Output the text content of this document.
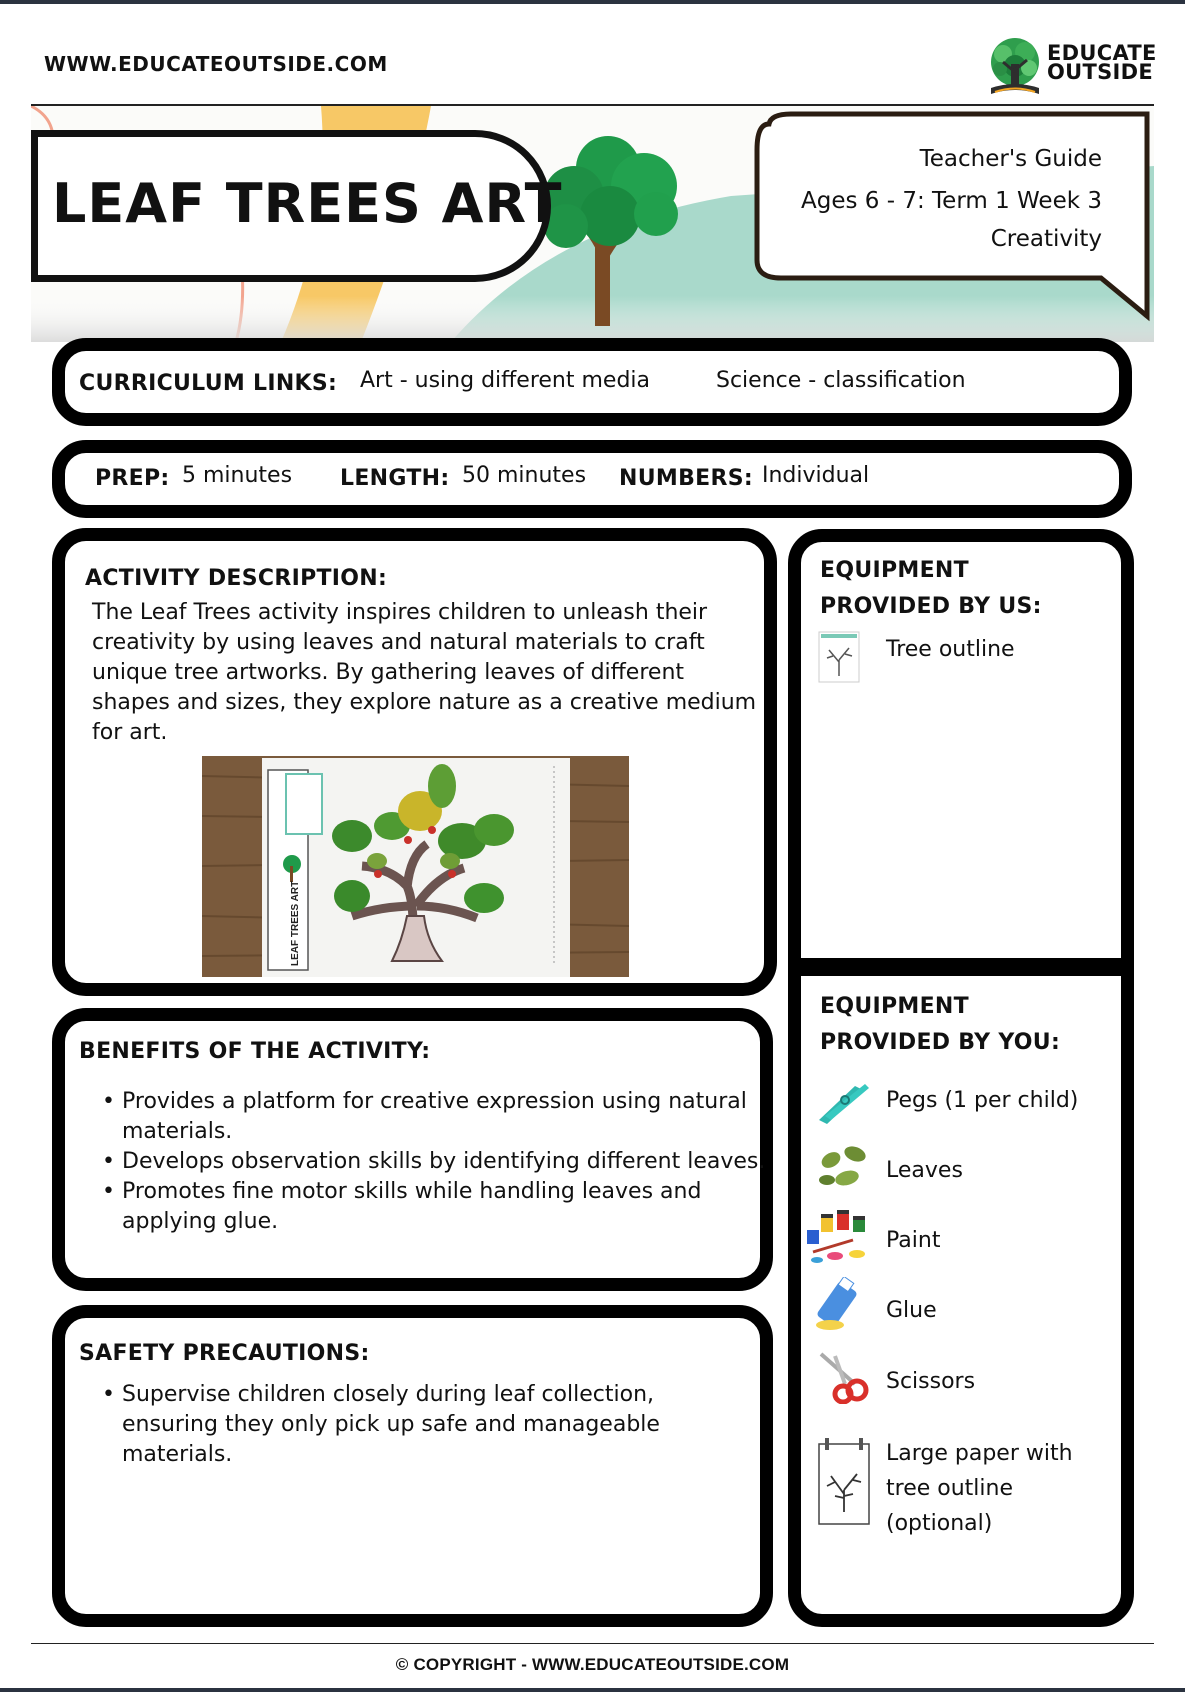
WWW.EDUCATEOUTSIDE.COM	EDUCATE
OUTSIDE
LEAF TREES ART
Teacher's Guide
Ages 6 - 7: Term 1 Week 3
Creativity
CURRICULUM LINKS: Art - using different media	Science - classification
PREP: 5 minutes LENGTH: 50 minutes NUMBERS: Individual
ACTIVITY DESCRIPTION:
The Leaf Trees activity inspires children to unleash their
creativity by using leaves and natural materials to craft
unique tree artworks. By gathering leaves of different
shapes and sizes, they explore nature as a creative medium
for art.
LEAF TREES ART
BENEFITS OF THE ACTIVITY:
• Provides a platform for creative expression using natural
materials.
• Develops observation skills by identifying different leaves.
• Promotes fine motor skills while handling leaves and
applying glue.
SAFETY PRECAUTIONS:
• Supervise children closely during leaf collection,
ensuring they only pick up safe and manageable
materials.
EQUIPMENT
PROVIDED BY US:
Tree outline
EQUIPMENT
PROVIDED BY YOU:
Pegs (1 per child)
Leaves
Paint
Glue
Scissors
Large paper with
tree outline
(optional)
© COPYRIGHT - WWW.EDUCATEOUTSIDE.COM
